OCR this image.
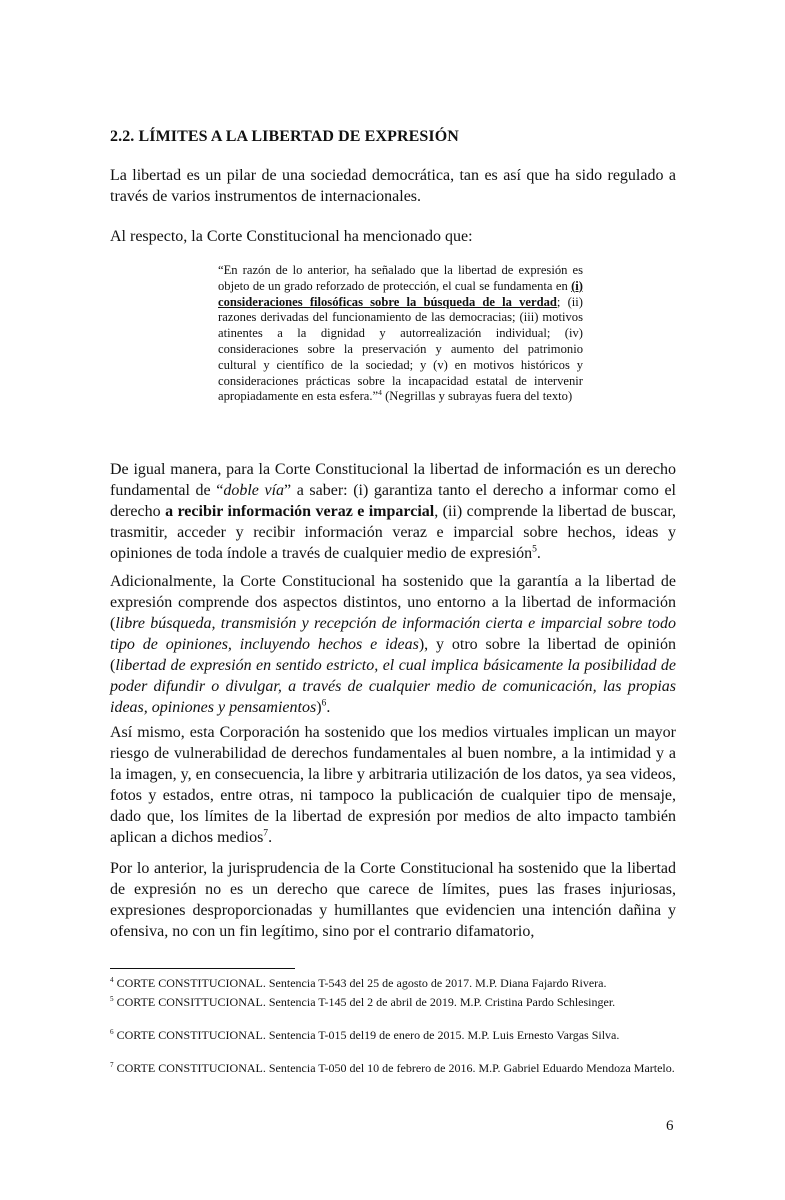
2.2. LÍMITES A LA LIBERTAD DE EXPRESIÓN
La libertad es un pilar de una sociedad democrática, tan es así que ha sido regulado a través de varios instrumentos de internacionales.
Al respecto, la Corte Constitucional ha mencionado que:
“En razón de lo anterior, ha señalado que la libertad de expresión es objeto de un grado reforzado de protección, el cual se fundamenta en (i) consideraciones filosóficas sobre la búsqueda de la verdad; (ii) razones derivadas del funcionamiento de las democracias; (iii) motivos atinentes a la dignidad y autorrealización individual; (iv) consideraciones sobre la preservación y aumento del patrimonio cultural y científico de la sociedad; y (v) en motivos históricos y consideraciones prácticas sobre la incapacidad estatal de intervenir apropiadamente en esta esfera.”$^4$ (Negrillas y subrayas fuera del texto)
De igual manera, para la Corte Constitucional la libertad de información es un derecho fundamental de “doble vía” a saber: (i) garantiza tanto el derecho a informar como el derecho a recibir información veraz e imparcial, (ii) comprende la libertad de buscar, trasmitir, acceder y recibir información veraz e imparcial sobre hechos, ideas y opiniones de toda índole a través de cualquier medio de expresión$^5$.
Adicionalmente, la Corte Constitucional ha sostenido que la garantía a la libertad de expresión comprende dos aspectos distintos, uno entorno a la libertad de información (libre búsqueda, transmisión y recepción de información cierta e imparcial sobre todo tipo de opiniones, incluyendo hechos e ideas), y otro sobre la libertad de opinión (libertad de expresión en sentido estricto, el cual implica básicamente la posibilidad de poder difundir o divulgar, a través de cualquier medio de comunicación, las propias ideas, opiniones y pensamientos)$^6$.
Así mismo, esta Corporación ha sostenido que los medios virtuales implican un mayor riesgo de vulnerabilidad de derechos fundamentales al buen nombre, a la intimidad y a la imagen, y, en consecuencia, la libre y arbitraria utilización de los datos, ya sea videos, fotos y estados, entre otras, ni tampoco la publicación de cualquier tipo de mensaje, dado que, los límites de la libertad de expresión por medios de alto impacto también aplican a dichos medios$^7$.
Por lo anterior, la jurisprudencia de la Corte Constitucional ha sostenido que la libertad de expresión no es un derecho que carece de límites, pues las frases injuriosas, expresiones desproporcionadas y humillantes que evidencien una intención dañina y ofensiva, no con un fin legítimo, sino por el contrario difamatorio,
$^4$ CORTE CONSTITUCIONAL. Sentencia T-543 del 25 de agosto de 2017. M.P. Diana Fajardo Rivera.
$^5$ CORTE CONSITTUCIONAL. Sentencia T-145 del 2 de abril de 2019. M.P. Cristina Pardo Schlesinger.
$^6$ CORTE CONSTITUCIONAL. Sentencia T-015 del19 de enero de 2015. M.P. Luis Ernesto Vargas Silva.
$^7$ CORTE CONSTITUCIONAL. Sentencia T-050 del 10 de febrero de 2016. M.P. Gabriel Eduardo Mendoza Martelo.
6
